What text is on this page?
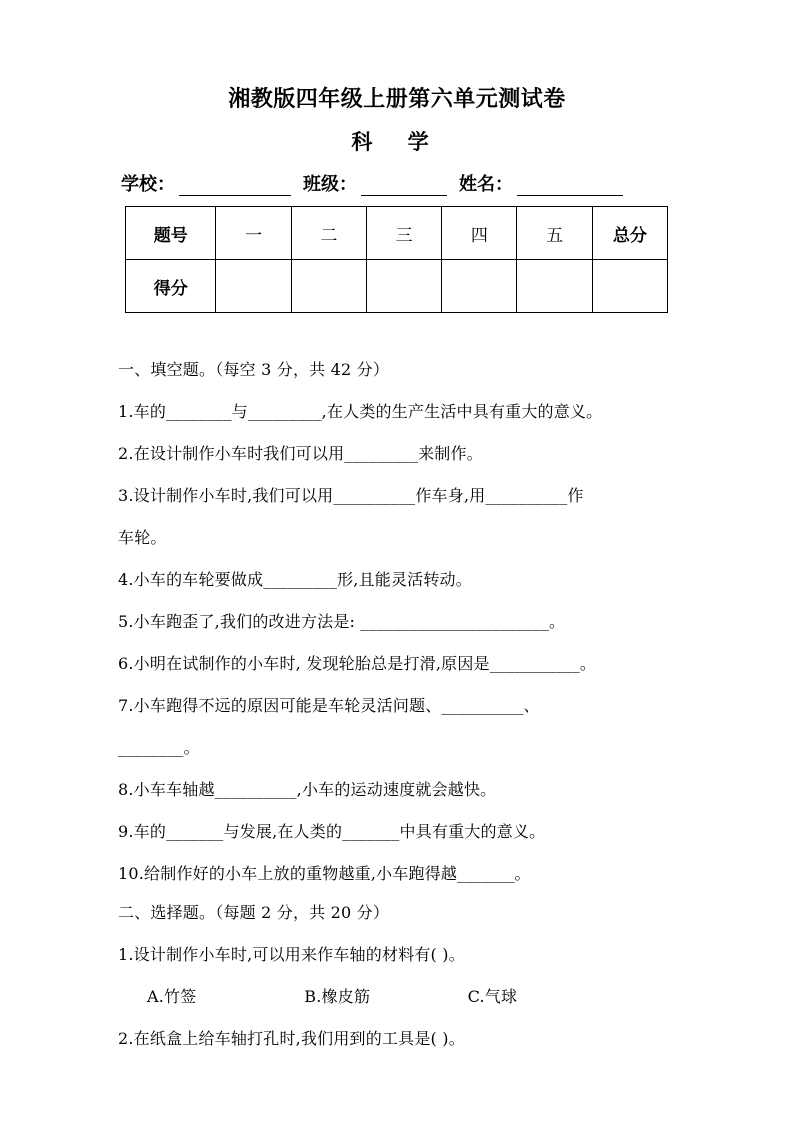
湘教版四年级上册第六单元测试卷
科 学
学校：	班级：	姓名：
题号	一	二	三	四	五	总分
得分						
一、填空题。（每空 3 分，共 42 分）
1.车的________与_________,在人类的生产生活中具有重大的意义。
2.在设计制作小车时我们可以用_________来制作。
3.设计制作小车时,我们可以用__________作车身,用__________作
车轮。
4.小车的车轮要做成_________形,且能灵活转动。
5.小车跑歪了,我们的改进方法是: _______________________。
6.小明在试制作的小车时, 发现轮胎总是打滑,原因是___________。
7.小车跑得不远的原因可能是车轮灵活问题、__________、
________。
8.小车车轴越__________,小车的运动速度就会越快。
9.车的_______与发展,在人类的_______中具有重大的意义。
10.给制作好的小车上放的重物越重,小车跑得越_______。
二、选择题。（每题 2 分，共 20 分）
1.设计制作小车时,可以用来作车轴的材料有( )。
A.竹签	B.橡皮筋	C.气球
2.在纸盒上给车轴打孔时,我们用到的工具是( )。
